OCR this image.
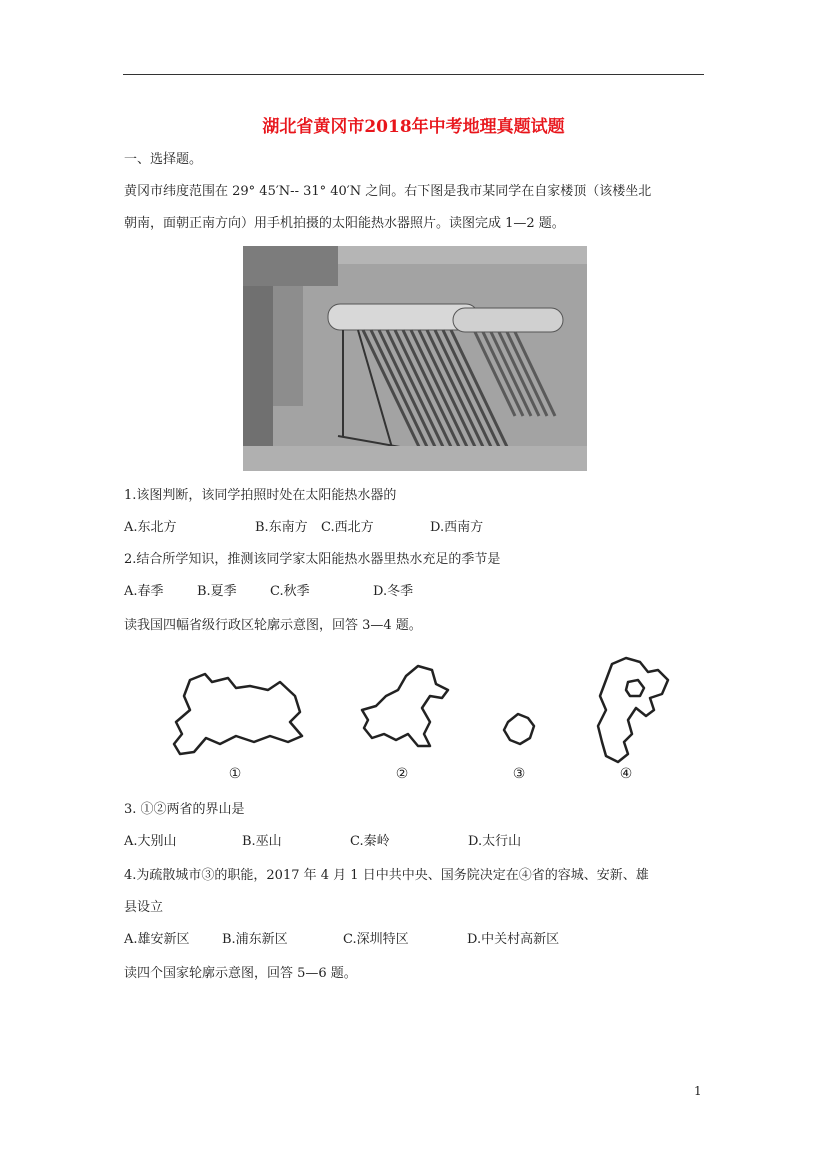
湖北省黄冈市2018年中考地理真题试题
一、选择题。
黄冈市纬度范围在 29° 45′N-- 31° 40′N 之间。右下图是我市某同学在自家楼顶（该楼坐北
朝南，面朝正南方向）用手机拍摄的太阳能热水器照片。读图完成 1—2 题。
1.该图判断，该同学拍照时处在太阳能热水器的
A.东北方	B.东南方 C.西北方	D.西南方
2.结合所学知识，推测该同学家太阳能热水器里热水充足的季节是
A.春季	B.夏季	C.秋季	D.冬季
读我国四幅省级行政区轮廓示意图，回答 3—4 题。
①	②	③	④
3. ①②两省的界山是
A.大别山	B.巫山	C.秦岭	D.太行山
4.为疏散城市③的职能，2017 年 4 月 1 日中共中央、国务院决定在④省的容城、安新、雄
县设立
A.雄安新区 B.浦东新区	C.深圳特区	D.中关村高新区
读四个国家轮廓示意图，回答 5—6 题。
1
